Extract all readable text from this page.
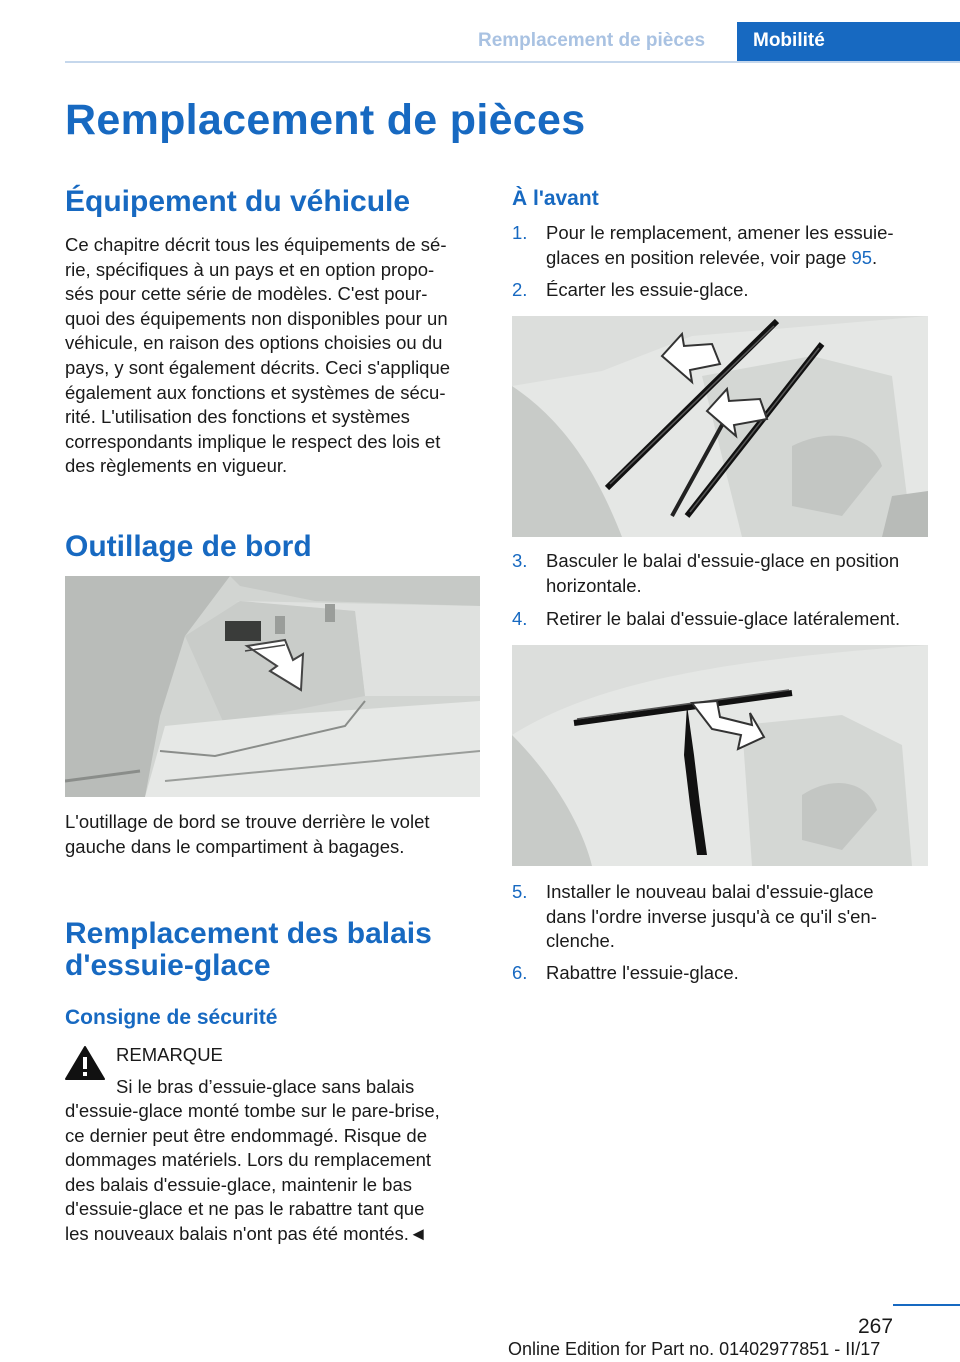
Remplacement de pièces	Mobilité
Remplacement de pièces
Équipement du véhicule
Ce chapitre décrit tous les équipements de sé‐
rie, spécifiques à un pays et en option propo‐
sés pour cette série de modèles. C'est pour‐
quoi des équipements non disponibles pour un
véhicule, en raison des options choisies ou du
pays, y sont également décrits. Ceci s'applique
également aux fonctions et systèmes de sécu‐
rité. L'utilisation des fonctions et systèmes
correspondants implique le respect des lois et
des règlements en vigueur.
Outillage de bord
L'outillage de bord se trouve derrière le volet
gauche dans le compartiment à bagages.
Remplacement des balais
d'essuie-glace
Consigne de sécurité
REMARQUE
Si le bras d’essuie-glace sans balais
d'essuie-glace monté tombe sur le pare-brise,
ce dernier peut être endommagé. Risque de
dommages matériels. Lors du remplacement
des balais d'essuie-glace, maintenir le bas
d'essuie-glace et ne pas le rabattre tant que
les nouveaux balais n'ont pas été montés.◄
À l'avant
1. Pour le remplacement, amener les essuie‐
glaces en position relevée, voir page 95.
2. Écarter les essuie-glace.
3. Basculer le balai d'essuie-glace en position
horizontale.
4. Retirer le balai d'essuie-glace latéralement.
5. Installer le nouveau balai d'essuie-glace
dans l'ordre inverse jusqu'à ce qu'il s'en‐
clenche.
6. Rabattre l'essuie-glace.
267
Online Edition for Part no. 01402977851 - II/17
